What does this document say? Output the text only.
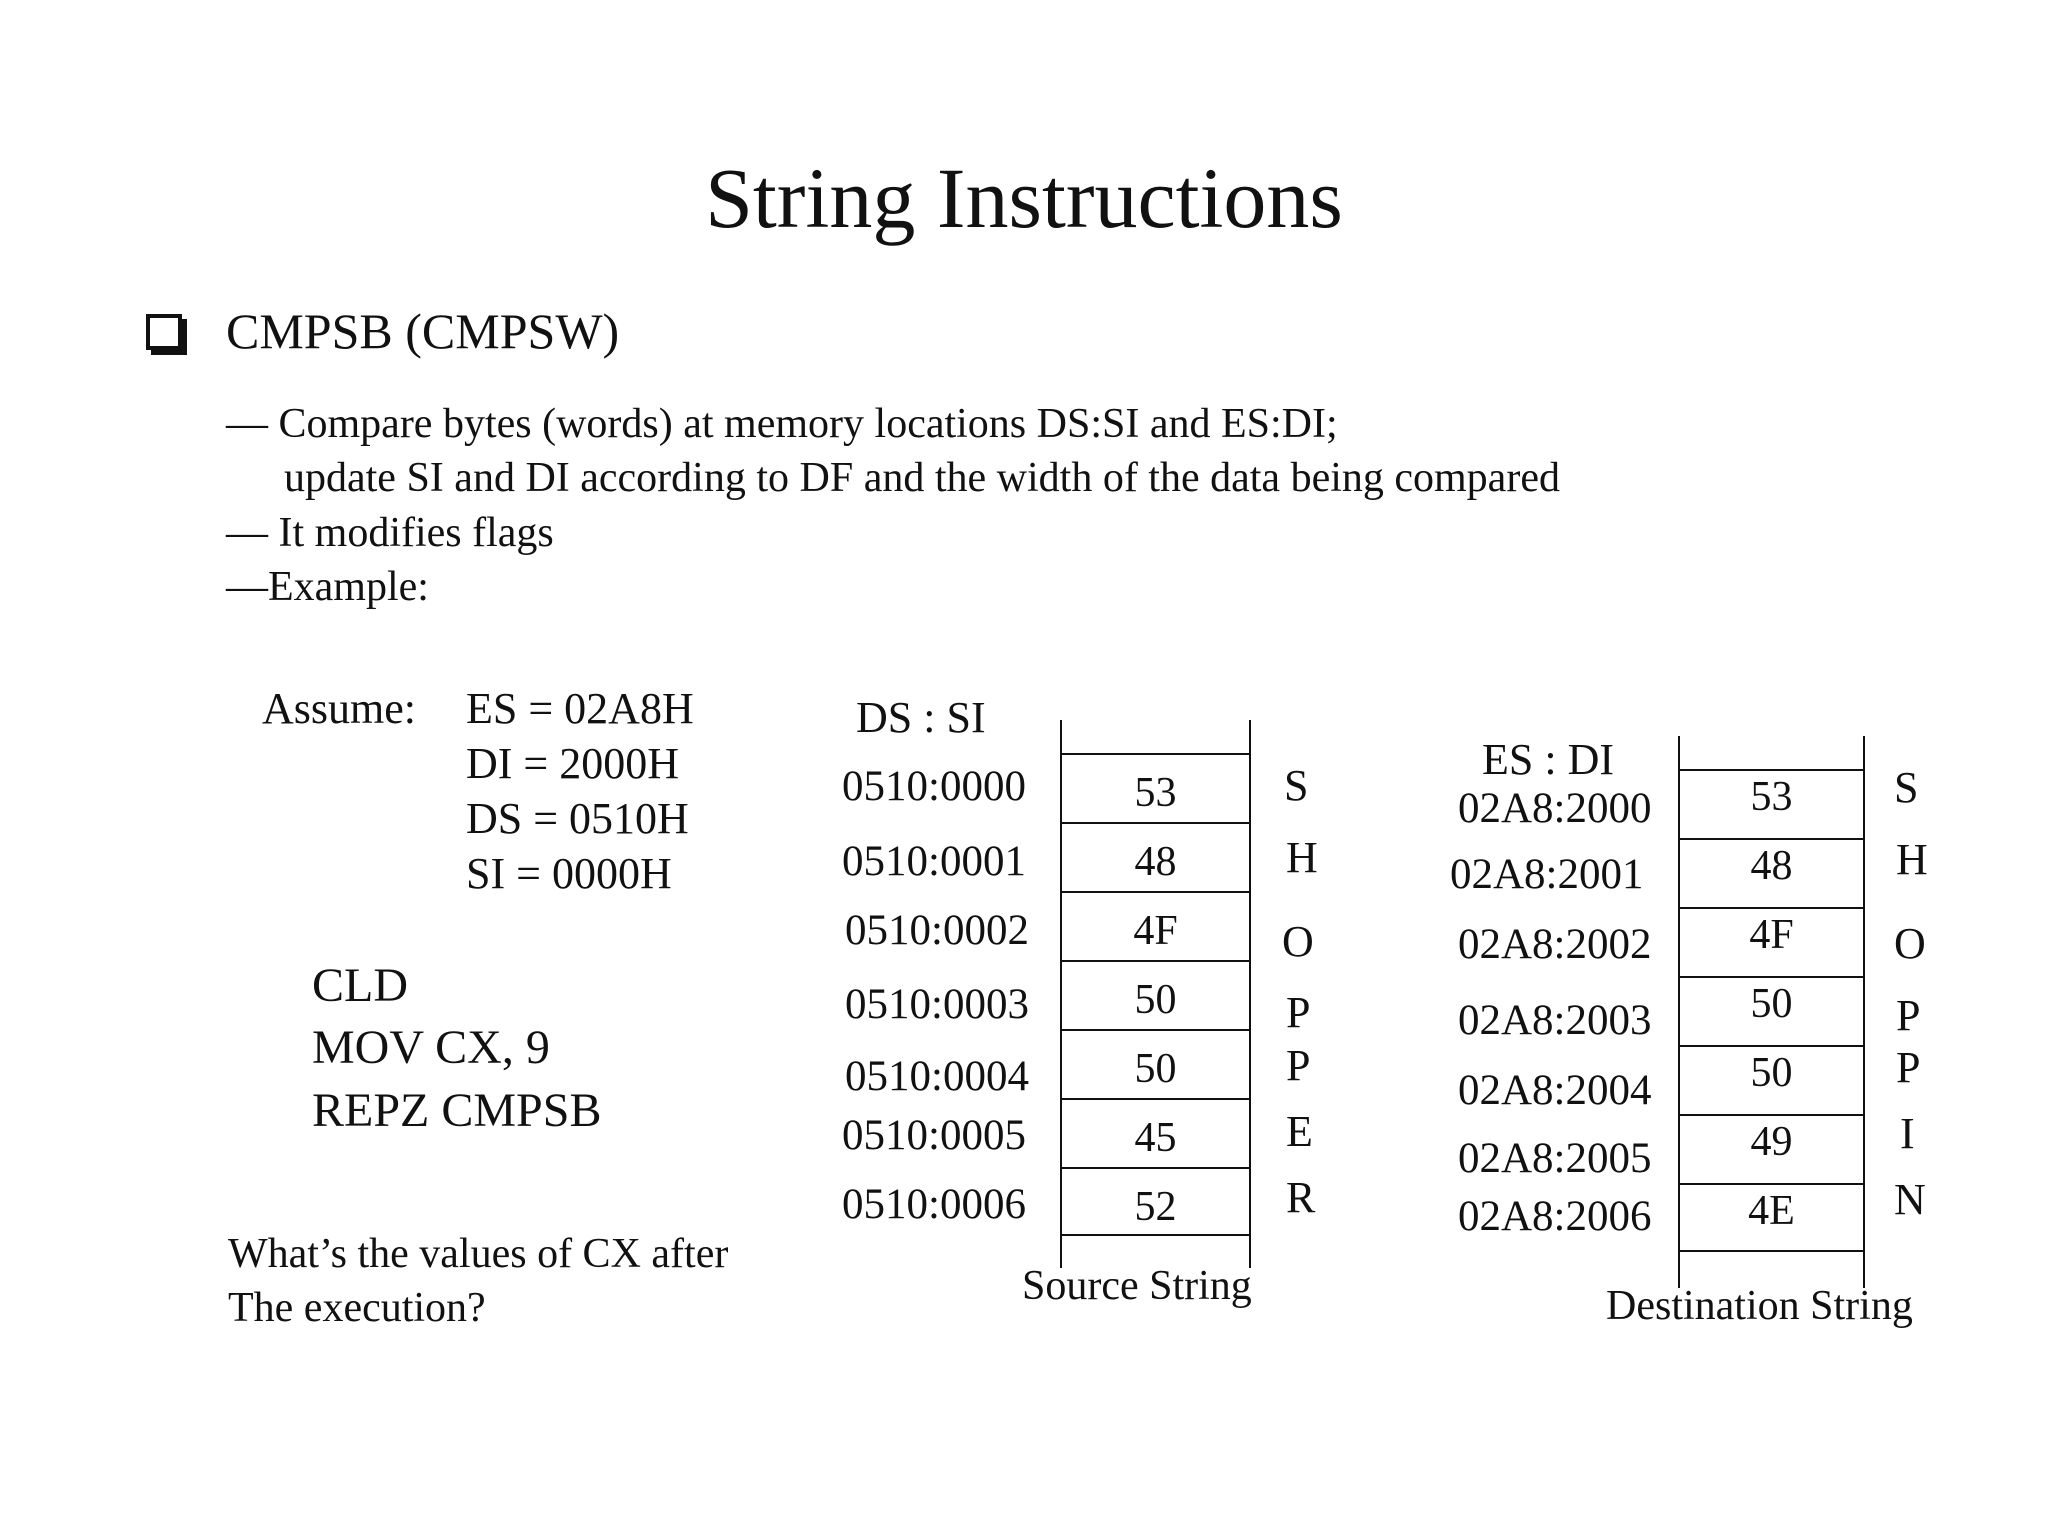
String Instructions
CMPSB (CMPSW)
— Compare bytes (words) at memory locations DS:SI and ES:DI;
update SI and DI according to DF and the width of the data being compared
— It modifies flags
—Example:
Assume: ES = 02A8H
DI = 2000H
DS = 0510H
SI = 0000H
CLD
MOV CX, 9
REPZ CMPSB
What’s the values of CX after
The execution?
DS : SI
53
48
4F
50
50
45
52
0510:0000
0510:0001
0510:0002
0510:0003
0510:0004
0510:0005
0510:0006
S
H
O
P
P
E
R
Source String
ES : DI
53
48
4F
50
50
49
4E
02A8:2000
02A8:2001
02A8:2002
02A8:2003
02A8:2004
02A8:2005
02A8:2006
S
H
O
P
P
I
N
Destination String
